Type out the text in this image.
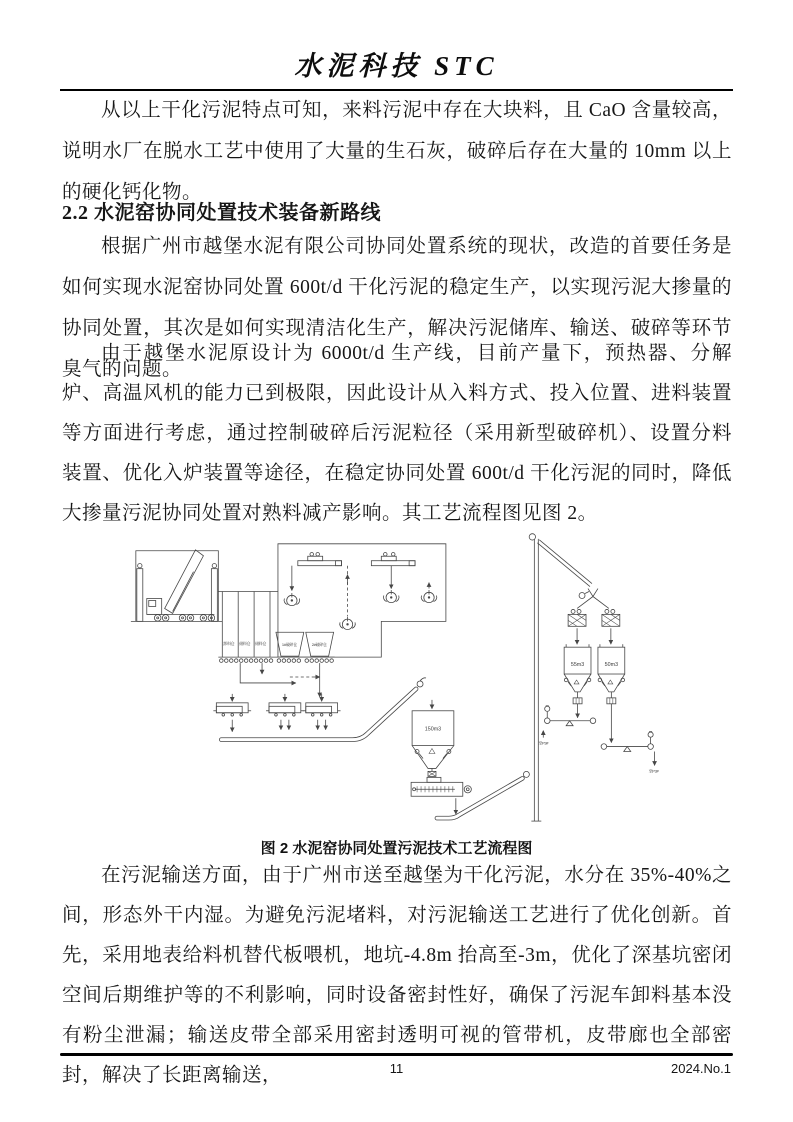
水泥科技 STC

从以上干化污泥特点可知，来料污泥中存在大块料，且 CaO 含量较高，说明水厂在脱水工艺中使用了大量的生石灰，破碎后存在大量的 10mm 以上的硬化钙化物。

2.2 水泥窑协同处置技术装备新路线

根据广州市越堡水泥有限公司协同处置系统的现状，改造的首要任务是如何实现水泥窑协同处置 600t/d 干化污泥的稳定生产，以实现污泥大掺量的协同处置，其次是如何实现清洁化生产，解决污泥储库、输送、破碎等环节臭气的问题。

由于越堡水泥原设计为 6000t/d 生产线，目前产量下，预热器、分解炉、高温风机的能力已到极限，因此设计从入料方式、投入位置、进料装置等方面进行考虑，通过控制破碎后污泥粒径（采用新型破碎机）、设置分料装置、优化入炉装置等途径，在稳定协同处置 600t/d 干化污泥的同时，降低大掺量污泥协同处置对熟料减产影响。其工艺流程图见图 2。

卸料仓 储料仓 储料仓	1#破碎仓	2#破碎仓
150m3
55m3	50m3
至P3#
至P3#

图 2 水泥窑协同处置污泥技术工艺流程图

在污泥输送方面，由于广州市送至越堡为干化污泥，水分在 35%-40%之间，形态外干内湿。为避免污泥堵料，对污泥输送工艺进行了优化创新。首先，采用地表给料机替代板喂机，地坑-4.8m 抬高至-3m，优化了深基坑密闭空间后期维护等的不利影响，同时设备密封性好，确保了污泥车卸料基本没有粉尘泄漏；输送皮带全部采用密封透明可视的管带机，皮带廊也全部密封，解决了长距离输送，	11	2024.No.1
